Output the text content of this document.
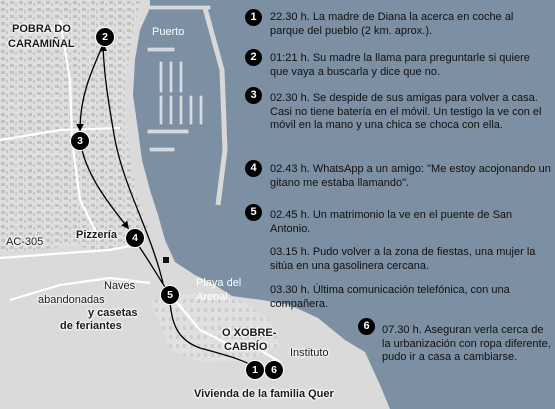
POBRA DO
CARAMIÑAL
Puerto
AC-305
Pizzería
Naves
abandonadas
y casetas
de feriantes
Playa del
Arenal
O XOBRE-
CABRÍO Instituto
Vivienda de la familia Quer
2
3
4
5
1	6
1	22.30 h. La madre de Diana la acerca en coche al parque del pueblo (2 km. aprox.).
2	01:21 h. Su madre la llama para preguntarle si quiere que vaya a buscarla y dice que no.
3	02.30 h. Se despide de sus amigas para volver a casa. Casi no tiene batería en el móvil. Un testigo la ve con el móvil en la mano y una chica se choca con ella.
4	02.43 h. WhatsApp a un amigo: "Me estoy acojonando un gitano me estaba llamando".
5	02.45 h. Un matrimonio la ve en el puente de San Antonio.
03.15 h. Pudo volver a la zona de fiestas, una mujer la sitúa en una gasolinera cercana.
03.30 h. Última comunicación telefónica, con una compañera.
6	07.30 h. Aseguran verla cerca de la urbanización con ropa diferente, pudo ir a casa a cambiarse.
